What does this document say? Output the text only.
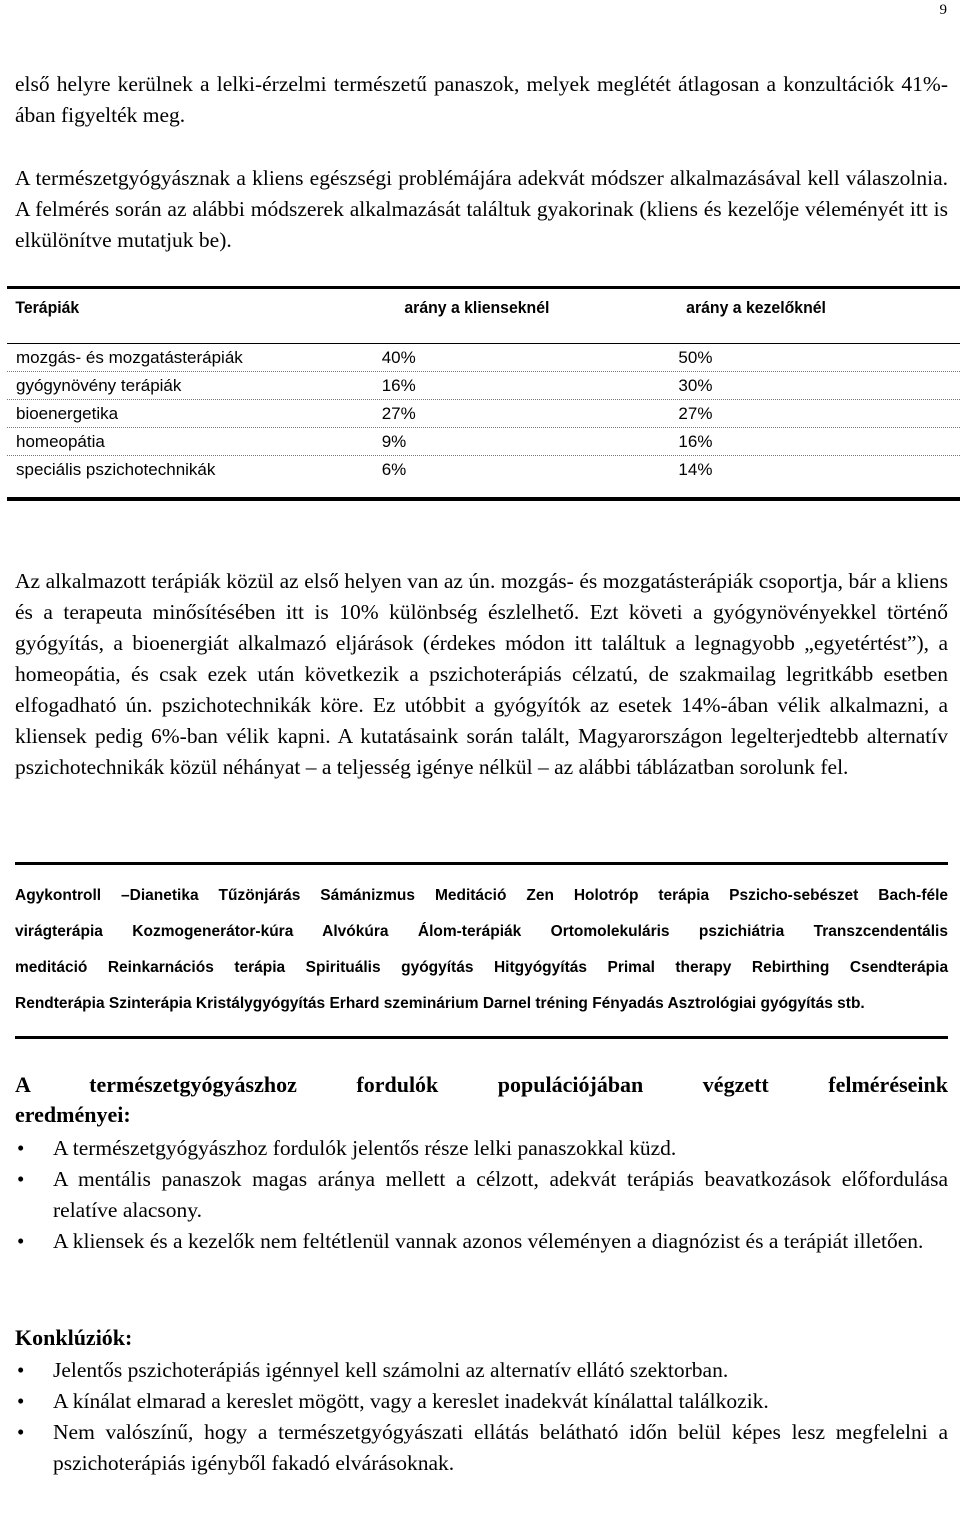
9

első helyre kerülnek a lelki-érzelmi természetű panaszok, melyek meglétét átlagosan a konzultációk 41%-ában figyelték meg.

A természetgyógyásznak a kliens egészségi problémájára adekvát módszer alkalmazásával kell válaszolnia. A felmérés során az alábbi módszerek alkalmazását találtuk gyakorinak (kliens és kezelője véleményét itt is elkülönítve mutatjuk be).

Terápiák	arány a klienseknél	arány a kezelőknél
mozgás- és mozgatásterápiák	40%	50%
gyógynövény terápiák	16%	30%
bioenergetika	27%	27%
homeopátia	9%	16%
speciális pszichotechnikák	6%	14%

Az alkalmazott terápiák közül az első helyen van az ún. mozgás- és mozgatásterápiák csoportja, bár a kliens és a terapeuta minősítésében itt is 10% különbség észlelhető. Ezt követi a gyógynövényekkel történő gyógyítás, a bioenergiát alkalmazó eljárások (érdekes módon itt találtuk a legnagyobb „egyetértést”), a homeopátia, és csak ezek után következik a pszichoterápiás célzatú, de szakmailag legritkább esetben elfogadható ún. pszichotechnikák köre. Ez utóbbit a gyógyítók az esetek 14%-ában vélik alkalmazni, a kliensek pedig 6%-ban vélik kapni. A kutatásaink során talált, Magyarországon legelterjedtebb alternatív pszichotechnikák közül néhányat – a teljesség igénye nélkül – az alábbi táblázatban sorolunk fel.

Agykontroll –Dianetika Tűzönjárás Sámánizmus Meditáció Zen Holotróp terápia Pszicho-sebészet Bach-féle
virágterápia Kozmogenerátor-kúra Alvókúra Álom-terápiák Ortomolekuláris pszichiátria Transzcendentális
meditáció Reinkarnációs terápia Spirituális gyógyítás Hitgyógyítás Primal therapy Rebirthing Csendterápia
Rendterápia Szinterápia Kristálygyógyítás Erhard szeminárium Darnel tréning Fényadás Asztrológiai gyógyítás stb.
A természetgyógyászhoz fordulók populációjában végzett felméréseink
eredményei:
• A természetgyógyászhoz fordulók jelentős része lelki panaszokkal küzd.
• A mentális panaszok magas aránya mellett a célzott, adekvát terápiás beavatkozások előfordulása relatíve alacsony.
• A kliensek és a kezelők nem feltétlenül vannak azonos véleményen a diagnózist és a terápiát illetően.
Konklúziók:
• Jelentős pszichoterápiás igénnyel kell számolni az alternatív ellátó szektorban.
• A kínálat elmarad a kereslet mögött, vagy a kereslet inadekvát kínálattal találkozik.
• Nem valószínű, hogy a természetgyógyászati ellátás belátható időn belül képes lesz megfelelni a pszichoterápiás igényből fakadó elvárásoknak.
